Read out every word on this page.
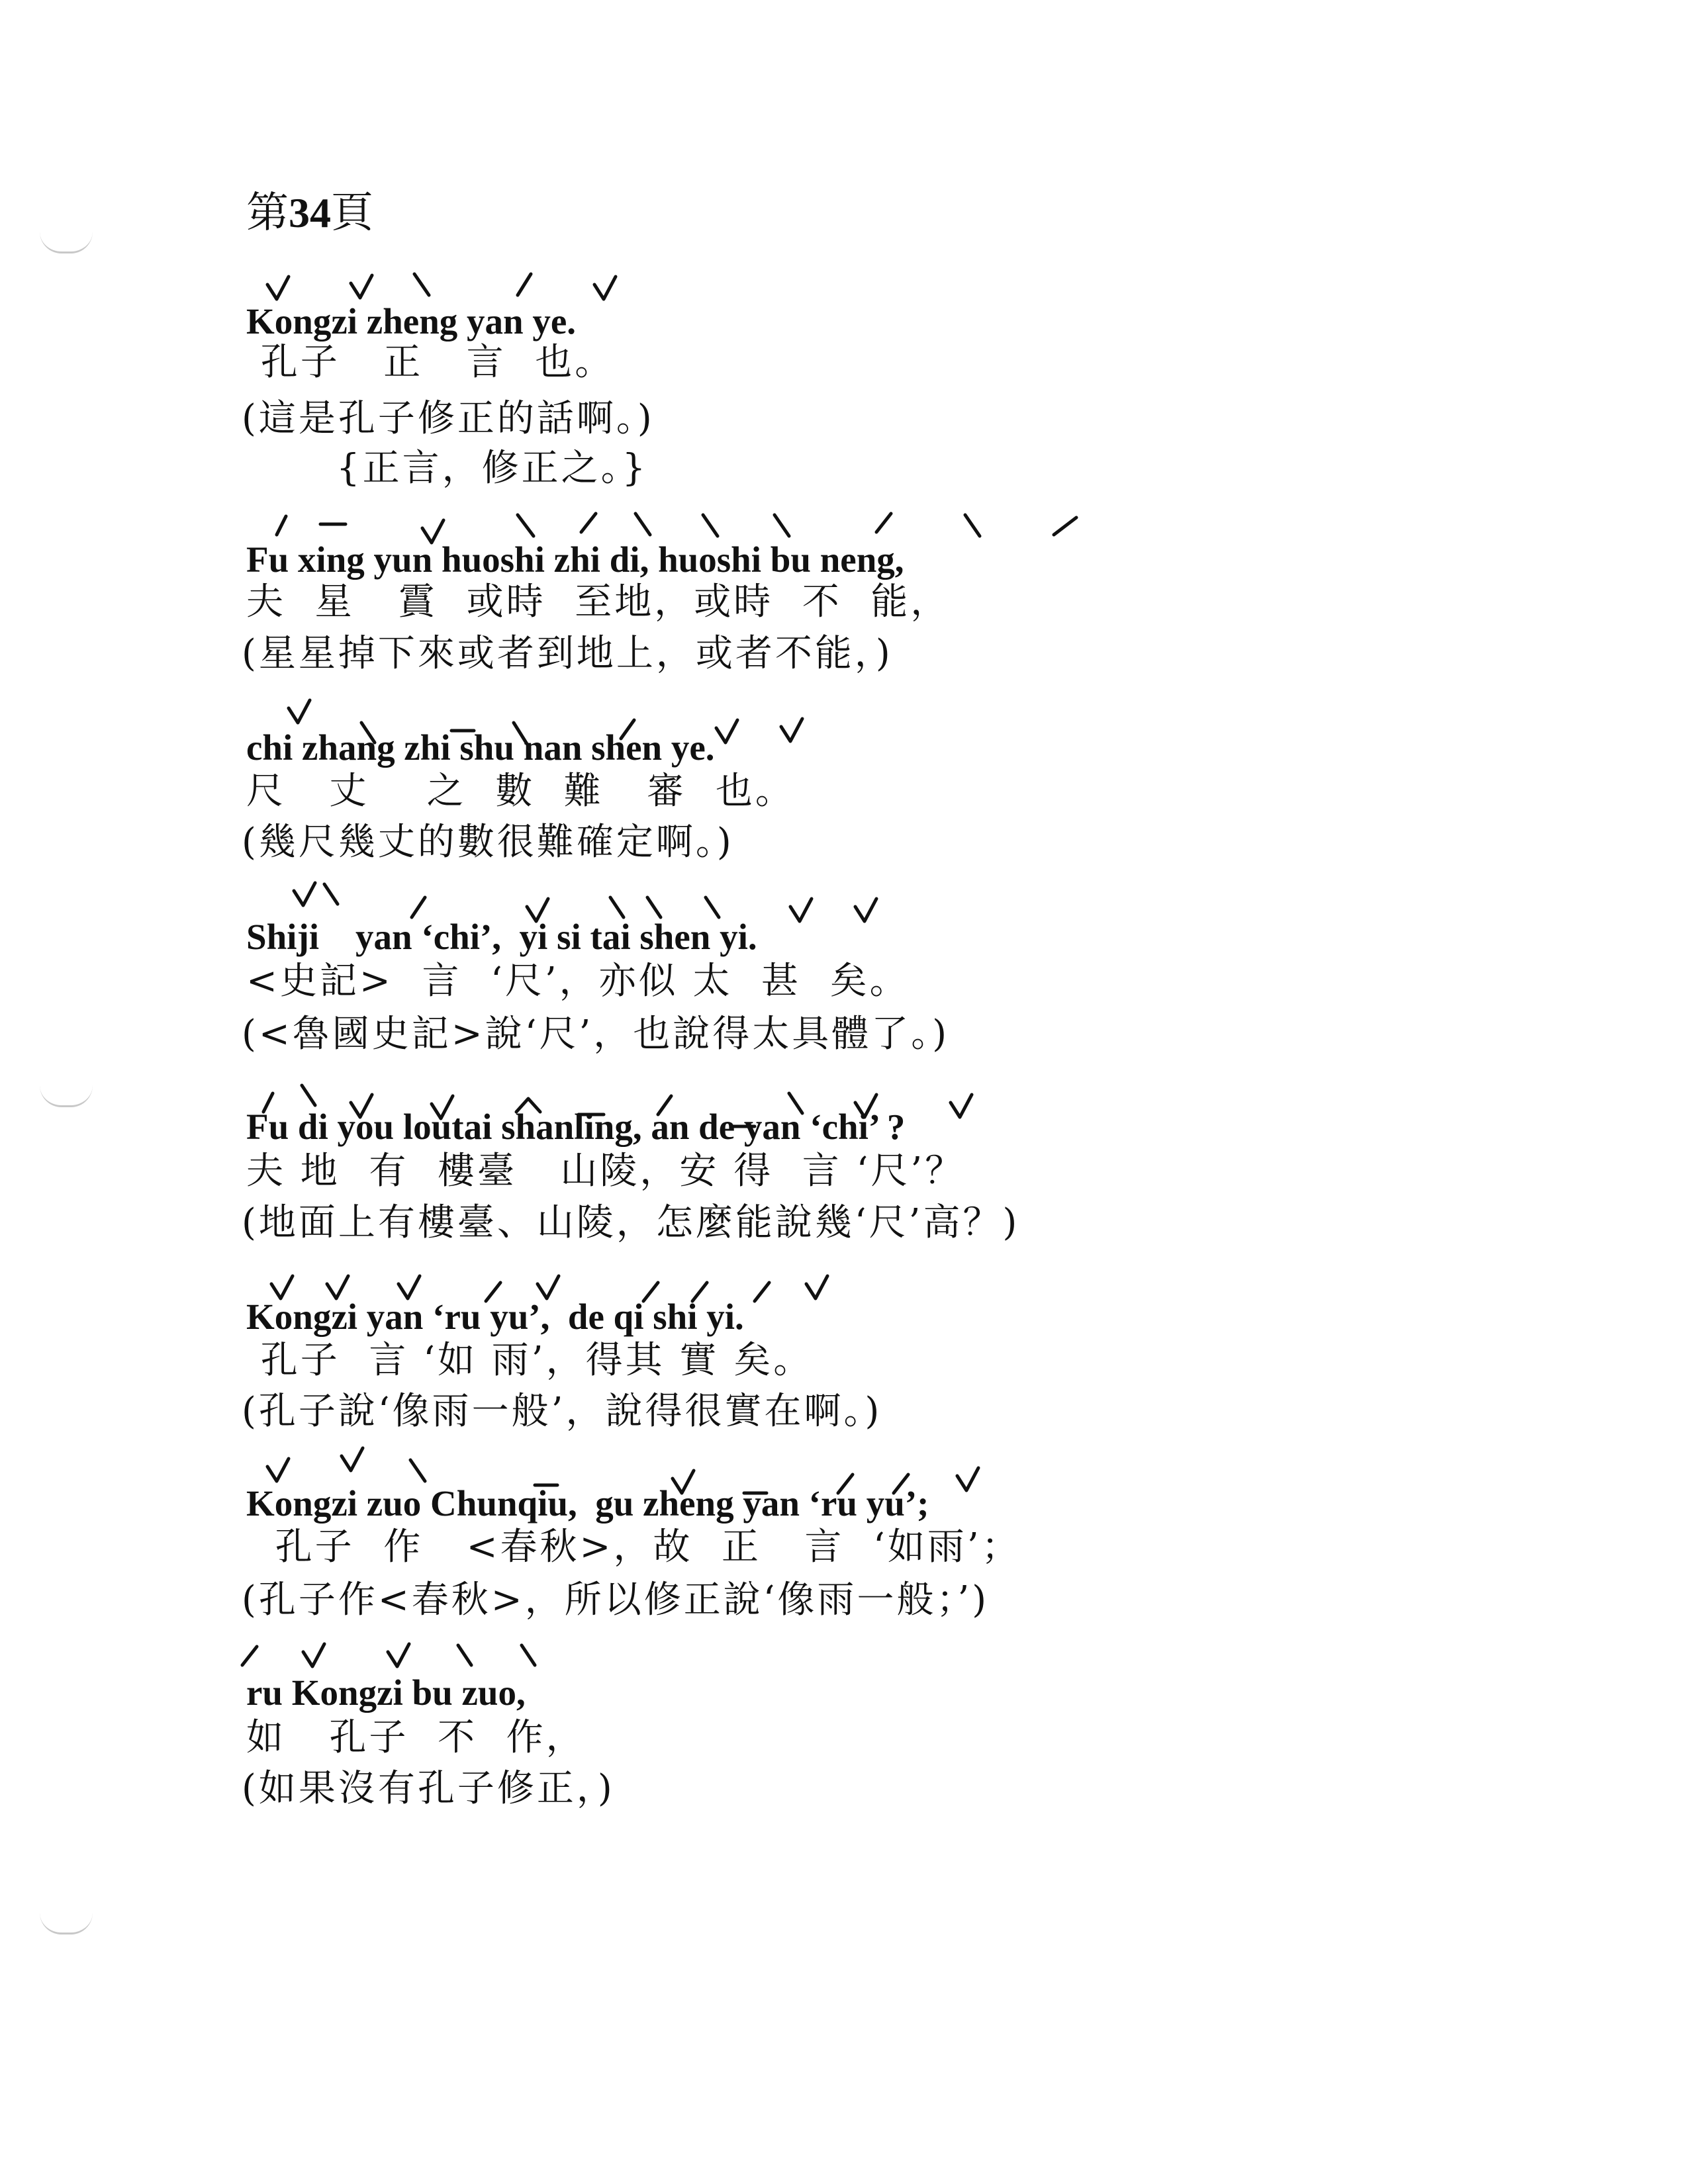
第34頁
Kongzi zheng yan ye.
孔子   正   言  也。
(這是孔子修正的話啊。)
{正言，修正之。}
Fu xing yun huoshi zhi di, huoshi bu neng,
夫  星   霣  或時  至地，或時  不  能，
(星星掉下來或者到地上，或者不能，)
chi zhang zhi shu nan shen ye.
尺   丈    之  數  難   審  也。
(幾尺幾丈的數很難確定啊。)
Shiji    yan ‘chi’,  yi si tai shen yi.
<史記>  言  ‘尺’，亦似 太  甚  矣。
(<魯國史記>說‘尺’，也說得太具體了。)
Fu di you loutai shanling, an de yan ‘chi’ ?
夫 地  有  樓臺   山陵，安 得  言 ‘尺’？
(地面上有樓臺、山陵，怎麼能說幾‘尺’高？)
Kongzi yan ‘ru yu’,  de qi shi yi.
孔子  言 ‘如 雨’，得其 實 矣。
(孔子說‘像雨一般’，說得很實在啊。)
Kongzi zuo Chunqiu,  gu zheng yan ‘ru yu’;
孔子  作   <春秋>，故  正   言  ‘如雨’；
(孔子作<春秋>，所以修正說‘像雨一般；’)
ru Kongzi bu zuo,
如   孔子  不  作，
(如果沒有孔子修正，)
